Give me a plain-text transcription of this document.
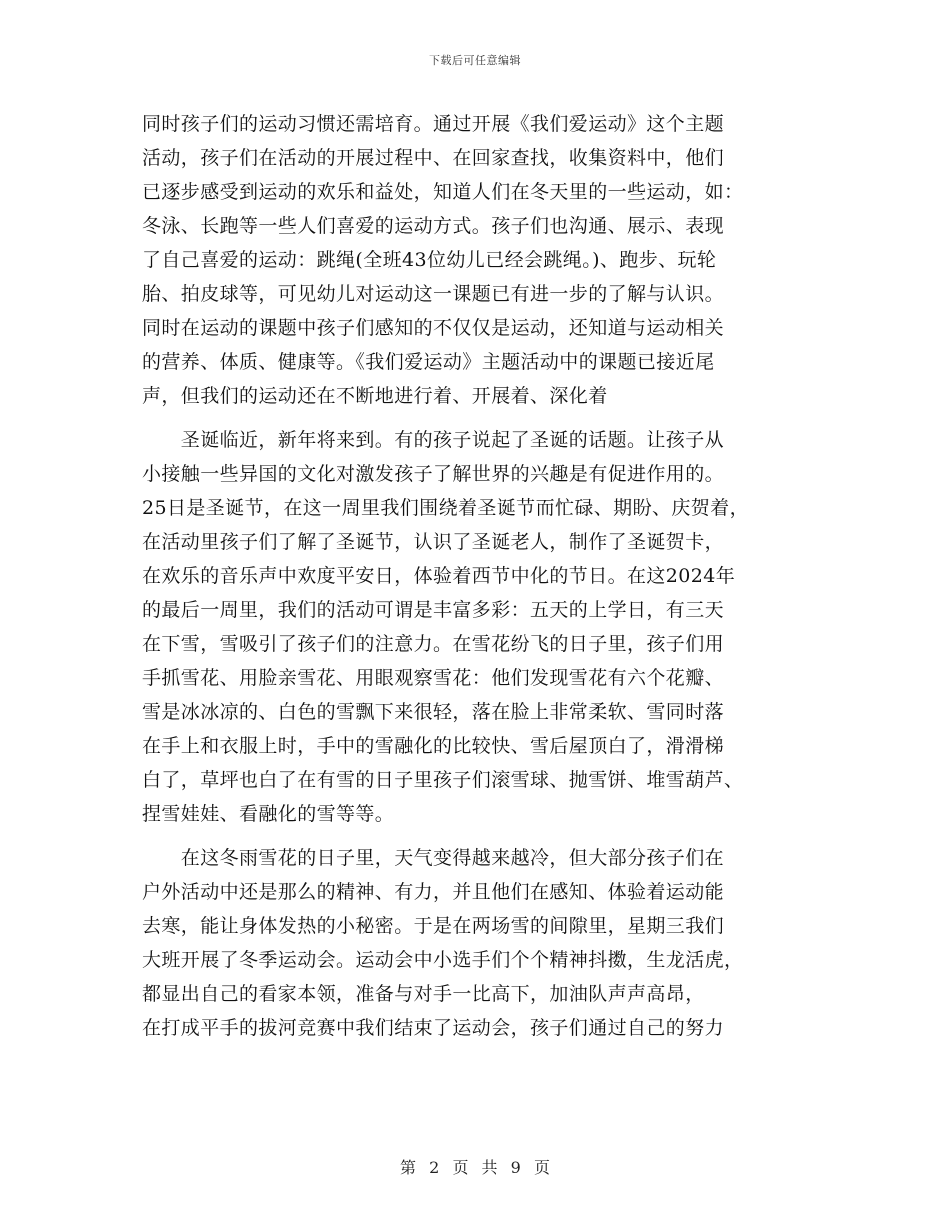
下载后可任意编辑
同时孩子们的运动习惯还需培育。通过开展《我们爱运动》这个主题
活动，孩子们在活动的开展过程中、在回家查找，收集资料中，他们
已逐步感受到运动的欢乐和益处，知道人们在冬天里的一些运动，如：
冬泳、长跑等一些人们喜爱的运动方式。孩子们也沟通、展示、表现
了自己喜爱的运动：跳绳(全班43位幼儿已经会跳绳。)、跑步、玩轮
胎、拍皮球等，可见幼儿对运动这一课题已有进一步的了解与认识。
同时在运动的课题中孩子们感知的不仅仅是运动，还知道与运动相关
的营养、体质、健康等。《我们爱运动》主题活动中的课题已接近尾
声，但我们的运动还在不断地进行着、开展着、深化着
　　圣诞临近，新年将来到。有的孩子说起了圣诞的话题。让孩子从
小接触一些异国的文化对激发孩子了解世界的兴趣是有促进作用的。
25日是圣诞节，在这一周里我们围绕着圣诞节而忙碌、期盼、庆贺着，
在活动里孩子们了解了圣诞节，认识了圣诞老人，制作了圣诞贺卡，
在欢乐的音乐声中欢度平安日，体验着西节中化的节日。在这2024年
的最后一周里，我们的活动可谓是丰富多彩：五天的上学日，有三天
在下雪，雪吸引了孩子们的注意力。在雪花纷飞的日子里，孩子们用
手抓雪花、用脸亲雪花、用眼观察雪花：他们发现雪花有六个花瓣、
雪是冰冰凉的、白色的雪飘下来很轻，落在脸上非常柔软、雪同时落
在手上和衣服上时，手中的雪融化的比较快、雪后屋顶白了，滑滑梯
白了，草坪也白了在有雪的日子里孩子们滚雪球、抛雪饼、堆雪葫芦、
捏雪娃娃、看融化的雪等等。
　　在这冬雨雪花的日子里，天气变得越来越冷，但大部分孩子们在
户外活动中还是那么的精神、有力，并且他们在感知、体验着运动能
去寒，能让身体发热的小秘密。于是在两场雪的间隙里，星期三我们
大班开展了冬季运动会。运动会中小选手们个个精神抖擞，生龙活虎，
都显出自己的看家本领，准备与对手一比高下，加油队声声高昂，
在打成平手的拔河竞赛中我们结束了运动会，孩子们通过自己的努力
第 2 页 共 9 页
